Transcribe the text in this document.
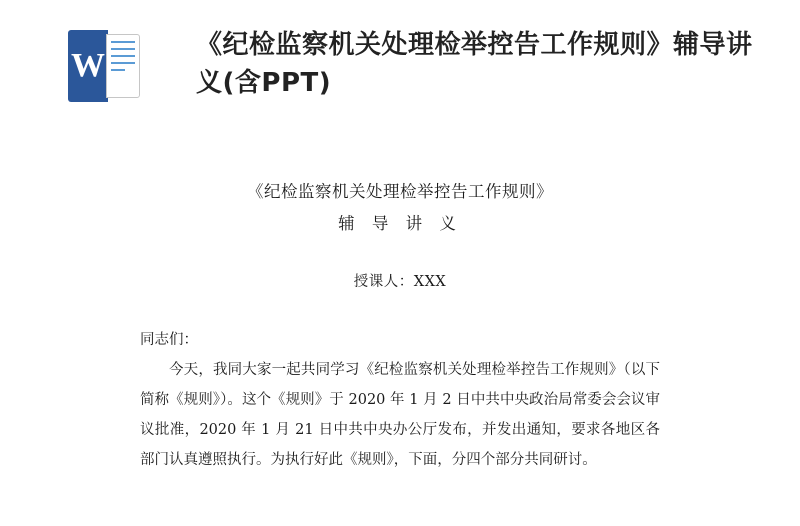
W
《纪检监察机关处理检举控告工作规则》辅导讲义(含PPT)
《纪检监察机关处理检举控告工作规则》
辅 导 讲 义
授课人：XXX
同志们：

今天，我同大家一起共同学习《纪检监察机关处理检举控告工作规则》（以下简称《规则》）。这个《规则》于 2020 年 1 月 2 日中共中央政治局常委会会议审议批准，2020 年 1 月 21 日中共中央办公厅发布，并发出通知，要求各地区各部门认真遵照执行。为执行好此《规则》，下面，分四个部分共同研讨。
